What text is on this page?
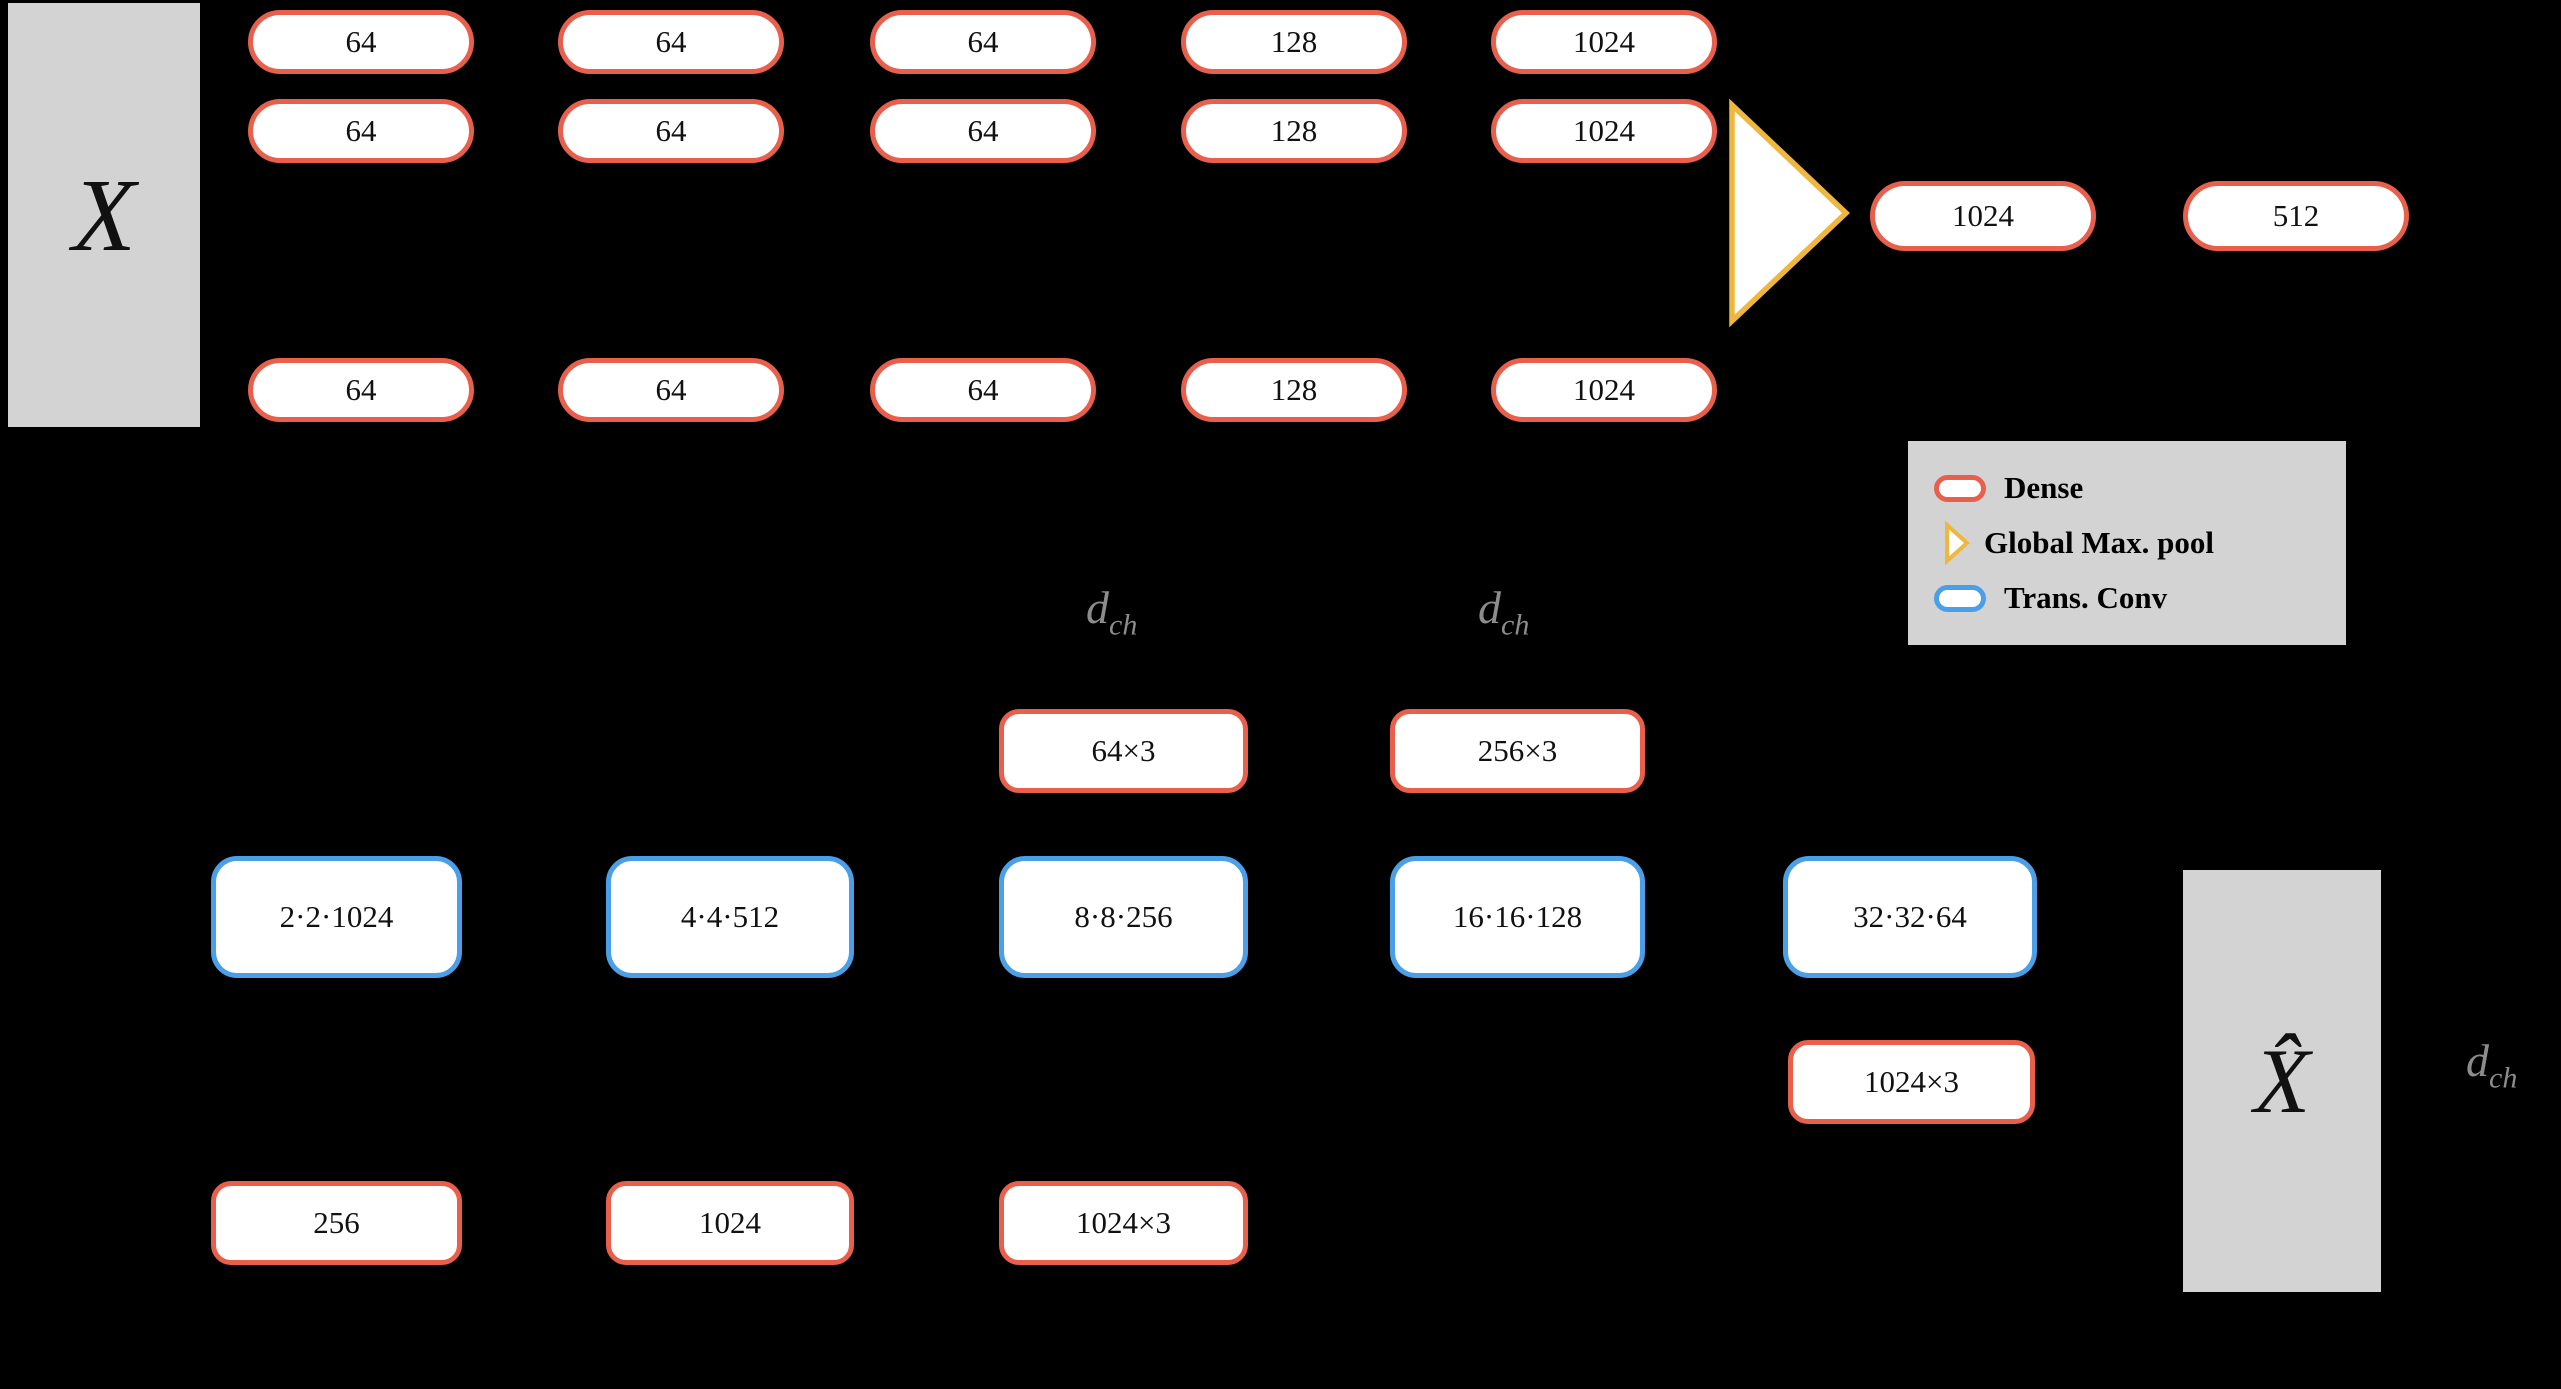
X
64	64	64	128	1024
64	64	64	128	1024
64	64	64	128	1024
1024	512
Dense
Global Max. pool
Trans. Conv
$d_{ch}$	$d_{ch}$
64×3	256×3
2·2·1024	4·4·512	8·8·256	16·16·128	32·32·64
1024×3
256	1024	1024×3
X̂	$d_{ch}$
